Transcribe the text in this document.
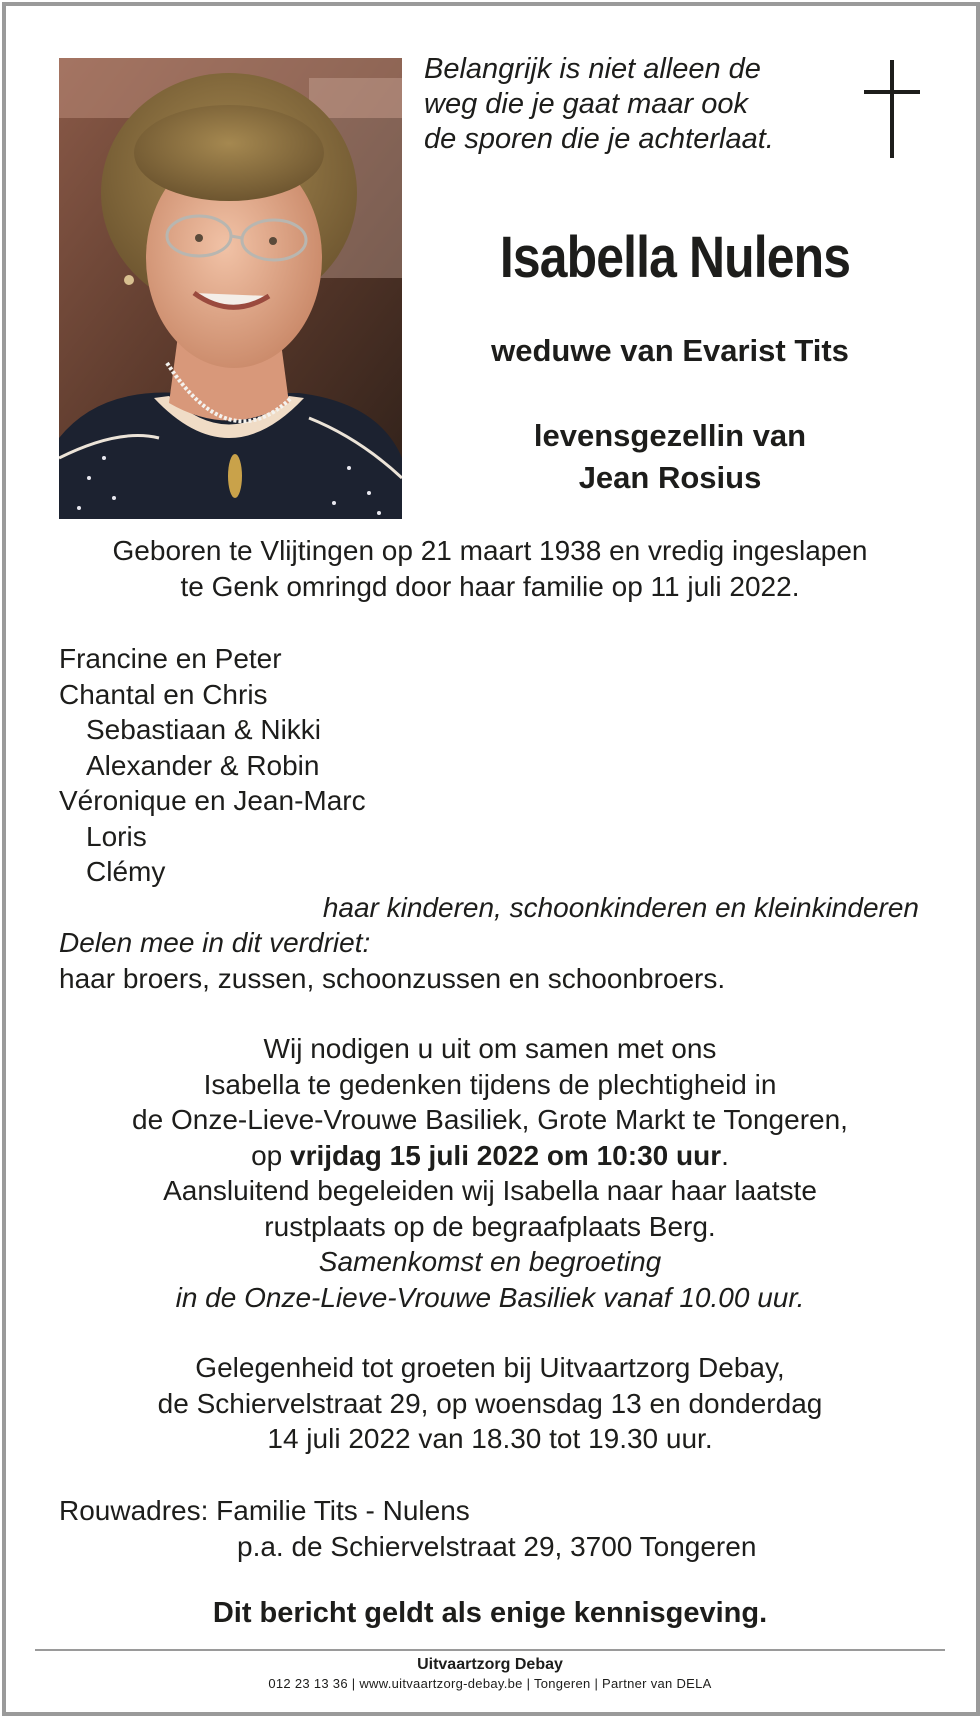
Belangrijk is niet alleen de
weg die je gaat maar ook
de sporen die je achterlaat.
Isabella Nulens
weduwe van Evarist Tits
levensgezellin van
Jean Rosius
Geboren te Vlijtingen op 21 maart 1938 en vredig ingeslapen
te Genk omringd door haar familie op 11 juli 2022.
Francine en Peter
Chantal en Chris
Sebastiaan & Nikki
Alexander & Robin
Véronique en Jean-Marc
Loris
Clémy
haar kinderen, schoonkinderen en kleinkinderen
Delen mee in dit verdriet:
haar broers, zussen, schoonzussen en schoonbroers.
Wij nodigen u uit om samen met ons
Isabella te gedenken tijdens de plechtigheid in
de Onze-Lieve-Vrouwe Basiliek, Grote Markt te Tongeren,
op vrijdag 15 juli 2022 om 10:30 uur.
Aansluitend begeleiden wij Isabella naar haar laatste
rustplaats op de begraafplaats Berg.
Samenkomst en begroeting
in de Onze-Lieve-Vrouwe Basiliek vanaf 10.00 uur.
Gelegenheid tot groeten bij Uitvaartzorg Debay,
de Schiervelstraat 29, op woensdag 13 en donderdag
14 juli 2022 van 18.30 tot 19.30 uur.
Rouwadres: Familie Tits - Nulens
p.a. de Schiervelstraat 29, 3700 Tongeren
Dit bericht geldt als enige kennisgeving.
Uitvaartzorg Debay
012 23 13 36 | www.uitvaartzorg-debay.be | Tongeren | Partner van DELA
